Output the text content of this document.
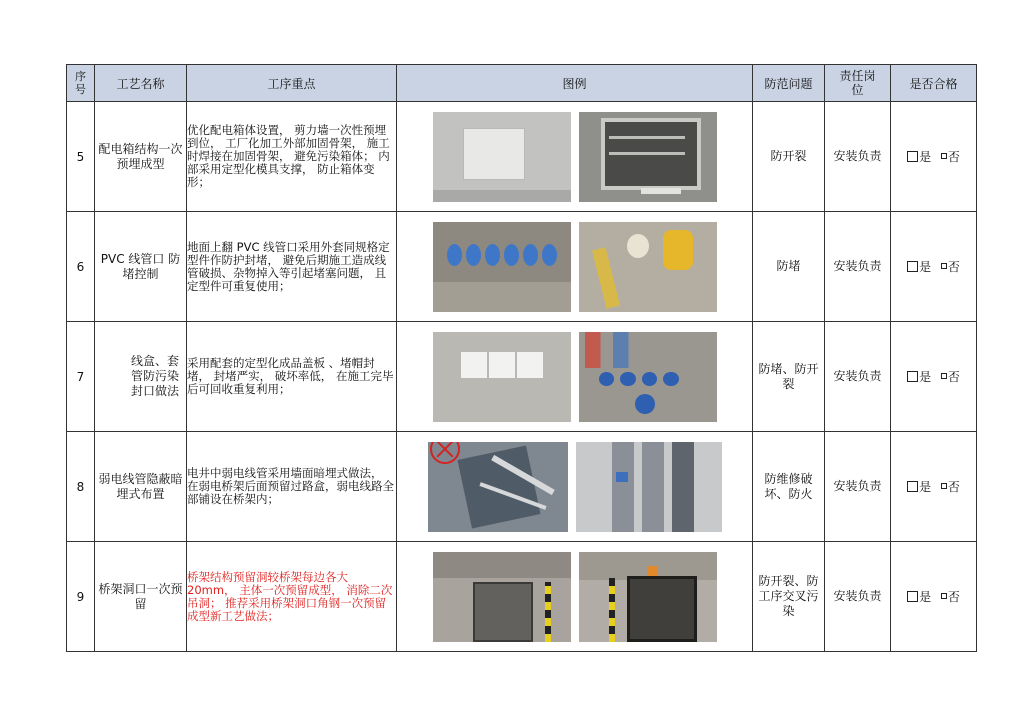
序号	工艺名称	工序重点	图例	防范问题	责任岗位	是否合格
5	配电箱结构一次预埋成型	优化配电箱体设置， 剪力墙一次性预埋到位， 工厂化加工外部加固骨架， 施工时焊接在加固骨架， 避免污染箱体； 内部采用定型化模具支撑， 防止箱体变形；		防开裂	安装负责	是 否
6	PVC 线管口 防堵控制	地面上翻 PVC 线管口采用外套同规格定型件作防护封堵， 避免后期施工造成线管破损、杂物掉入等引起堵塞问题， 且定型件可重复使用；		防堵	安装负责	是 否
7	线盒、套管防污染封口做法	采用配套的定型化成品盖板 、堵帽封堵， 封堵严实， 破坏率低， 在施工完毕后可回收重复利用；		防堵、防开裂	安装负责	是 否
8	弱电线管隐蔽暗埋式布置	电井中弱电线管采用墙面暗埋式做法， 在弱电桥架后面预留过路盒，弱电线路全部铺设在桥架内；		防维修破坏、防火	安装负责	是 否
9	桥架洞口一次预留	桥架结构预留洞较桥架每边各大20mm， 主体一次预留成型， 消除二次吊洞； 推荐采用桥架洞口角钢一次预留成型新工艺做法；		防开裂、防工序交叉污染	安装负责	是 否
